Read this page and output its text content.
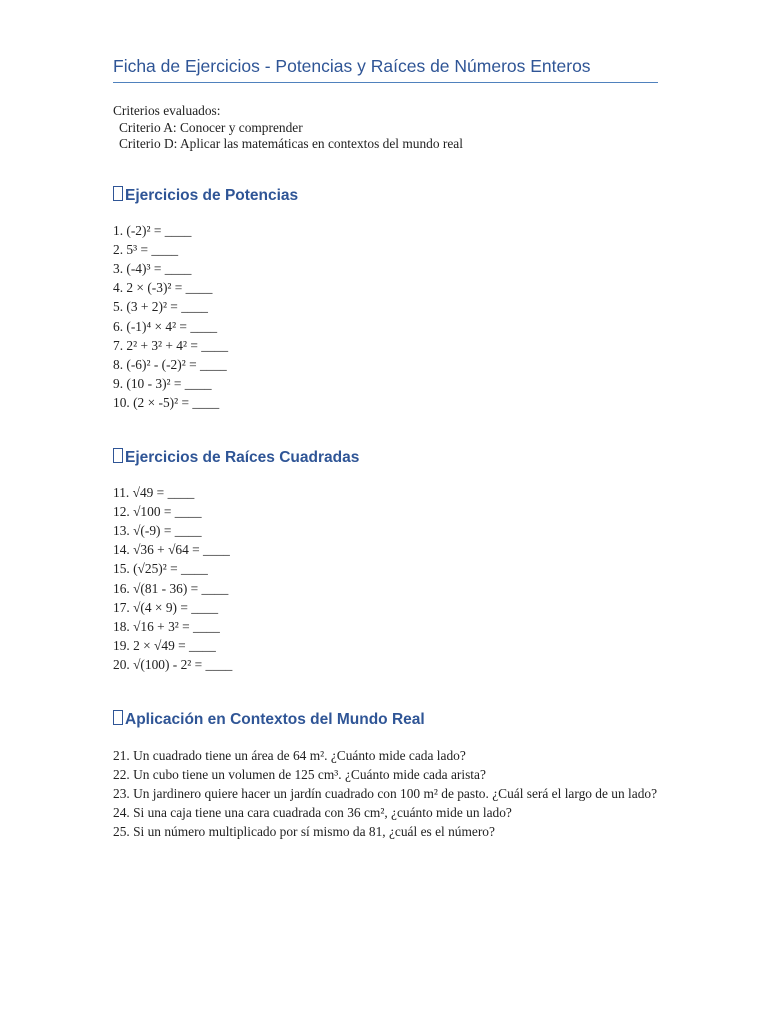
Ficha de Ejercicios - Potencias y Raíces de Números Enteros
Criterios evaluados:
Criterio A: Conocer y comprender
Criterio D: Aplicar las matemáticas en contextos del mundo real
Ejercicios de Potencias
1. (-2)² = ____
2. 5³ = ____
3. (-4)³ = ____
4. 2 × (-3)² = ____
5. (3 + 2)² = ____
6. (-1)⁴ × 4² = ____
7. 2² + 3² + 4² = ____
8. (-6)² - (-2)² = ____
9. (10 - 3)² = ____
10. (2 × -5)² = ____
Ejercicios de Raíces Cuadradas
11. √49 = ____
12. √100 = ____
13. √(-9) = ____
14. √36 + √64 = ____
15. (√25)² = ____
16. √(81 - 36) = ____
17. √(4 × 9) = ____
18. √16 + 3² = ____
19. 2 × √49 = ____
20. √(100) - 2² = ____
Aplicación en Contextos del Mundo Real
21. Un cuadrado tiene un área de 64 m². ¿Cuánto mide cada lado?
22. Un cubo tiene un volumen de 125 cm³. ¿Cuánto mide cada arista?
23. Un jardinero quiere hacer un jardín cuadrado con 100 m² de pasto. ¿Cuál será el largo de un lado?
24. Si una caja tiene una cara cuadrada con 36 cm², ¿cuánto mide un lado?
25. Si un número multiplicado por sí mismo da 81, ¿cuál es el número?
